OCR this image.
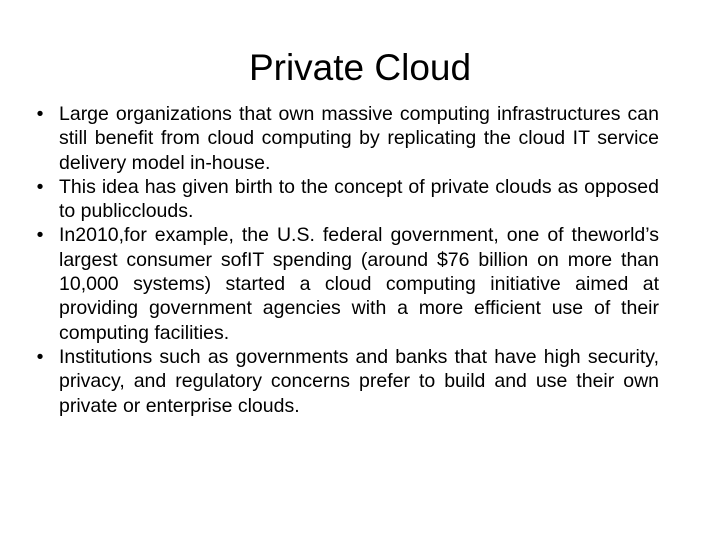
Private Cloud
• Large organizations that own massive computing infrastructures can still benefit from cloud computing by replicating the cloud IT service delivery model in-house.
• This idea has given birth to the concept of private clouds as opposed to publicclouds.
• In2010,for example, the U.S. federal government, one of theworld’s largest consumer sofIT spending (around $76 billion on more than 10,000 systems) started a cloud computing initiative aimed at providing government agencies with a more efficient use of their computing facilities.
• Institutions such as governments and banks that have high security, privacy, and regulatory concerns prefer to build and use their own private or enterprise clouds.
